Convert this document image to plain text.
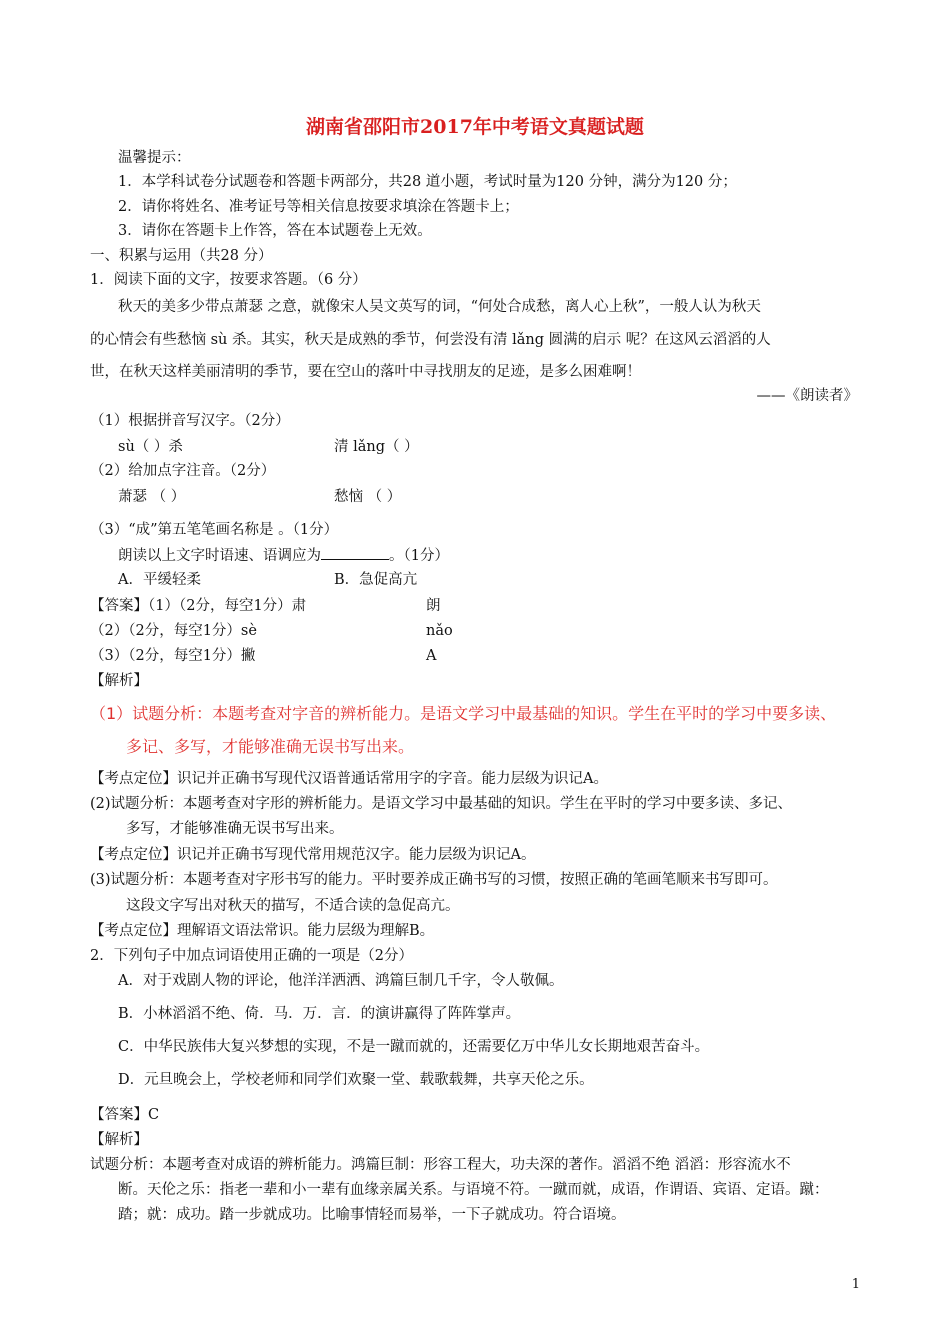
湖南省邵阳市2017年中考语文真题试题
温馨提示：
1．本学科试卷分试题卷和答题卡两部分，共28 道小题，考试时量为120 分钟，满分为120 分；
2．请你将姓名、准考证号等相关信息按要求填涂在答题卡上；
3．请你在答题卡上作答，答在本试题卷上无效。
一、积累与运用（共28 分）
1．阅读下面的文字，按要求答题。（6 分）
秋天的美多少带点萧瑟 之意，就像宋人吴文英写的词，“何处合成愁，离人心上秋”，一般人认为秋天
的心情会有些愁恼 sù 杀。其实，秋天是成熟的季节，何尝没有清 lǎng 圆满的启示 呢？在这风云滔滔的人
世，在秋天这样美丽清明的季节，要在空山的落叶中寻找朋友的足迹，是多么困难啊！
——《朗读者》
（1）根据拼音写汉字。（2分）
sù（ ）杀	清 lǎng（ ）
（2）给加点字注音。（2分）
萧瑟 （ ）	愁恼 （ ）
（3）“成”第五笔笔画名称是 。（1分）
朗读以上文字时语速、语调应为	。（1分）
A．平缓轻柔	B．急促高亢
【答案】（1）（2分，每空1分）肃	朗
（2）（2分，每空1分）sè	nǎo
（3）（2分，每空1分）撇	A
【解析】
（1）试题分析：本题考查对字音的辨析能力。是语文学习中最基础的知识。学生在平时的学习中要多读、
多记、多写，才能够准确无误书写出来。
【考点定位】识记并正确书写现代汉语普通话常用字的字音。能力层级为识记A。
(2)试题分析：本题考查对字形的辨析能力。是语文学习中最基础的知识。学生在平时的学习中要多读、多记、
多写，才能够准确无误书写出来。
【考点定位】识记并正确书写现代常用规范汉字。能力层级为识记A。
(3)试题分析：本题考查对字形书写的能力。平时要养成正确书写的习惯，按照正确的笔画笔顺来书写即可。
这段文字写出对秋天的描写，不适合读的急促高亢。
【考点定位】理解语文语法常识。能力层级为理解B。
2．下列句子中加点词语使用正确的一项是（2分）
A．对于戏剧人物的评论，他洋洋洒洒、鸿篇巨制几千字，令人敬佩。
B．小林滔滔不绝、倚．马．万．言．的演讲赢得了阵阵掌声。
C．中华民族伟大复兴梦想的实现，不是一蹴而就的，还需要亿万中华儿女长期地艰苦奋斗。
D．元旦晚会上，学校老师和同学们欢聚一堂、载歌载舞，共享天伦之乐。
【答案】C
【解析】
试题分析：本题考查对成语的辨析能力。鸿篇巨制：形容工程大，功夫深的著作。滔滔不绝 滔滔：形容流水不
断。天伦之乐：指老一辈和小一辈有血缘亲属关系。与语境不符。一蹴而就，成语，作谓语、宾语、定语。蹴：
踏；就：成功。踏一步就成功。比喻事情轻而易举，一下子就成功。符合语境。
1
